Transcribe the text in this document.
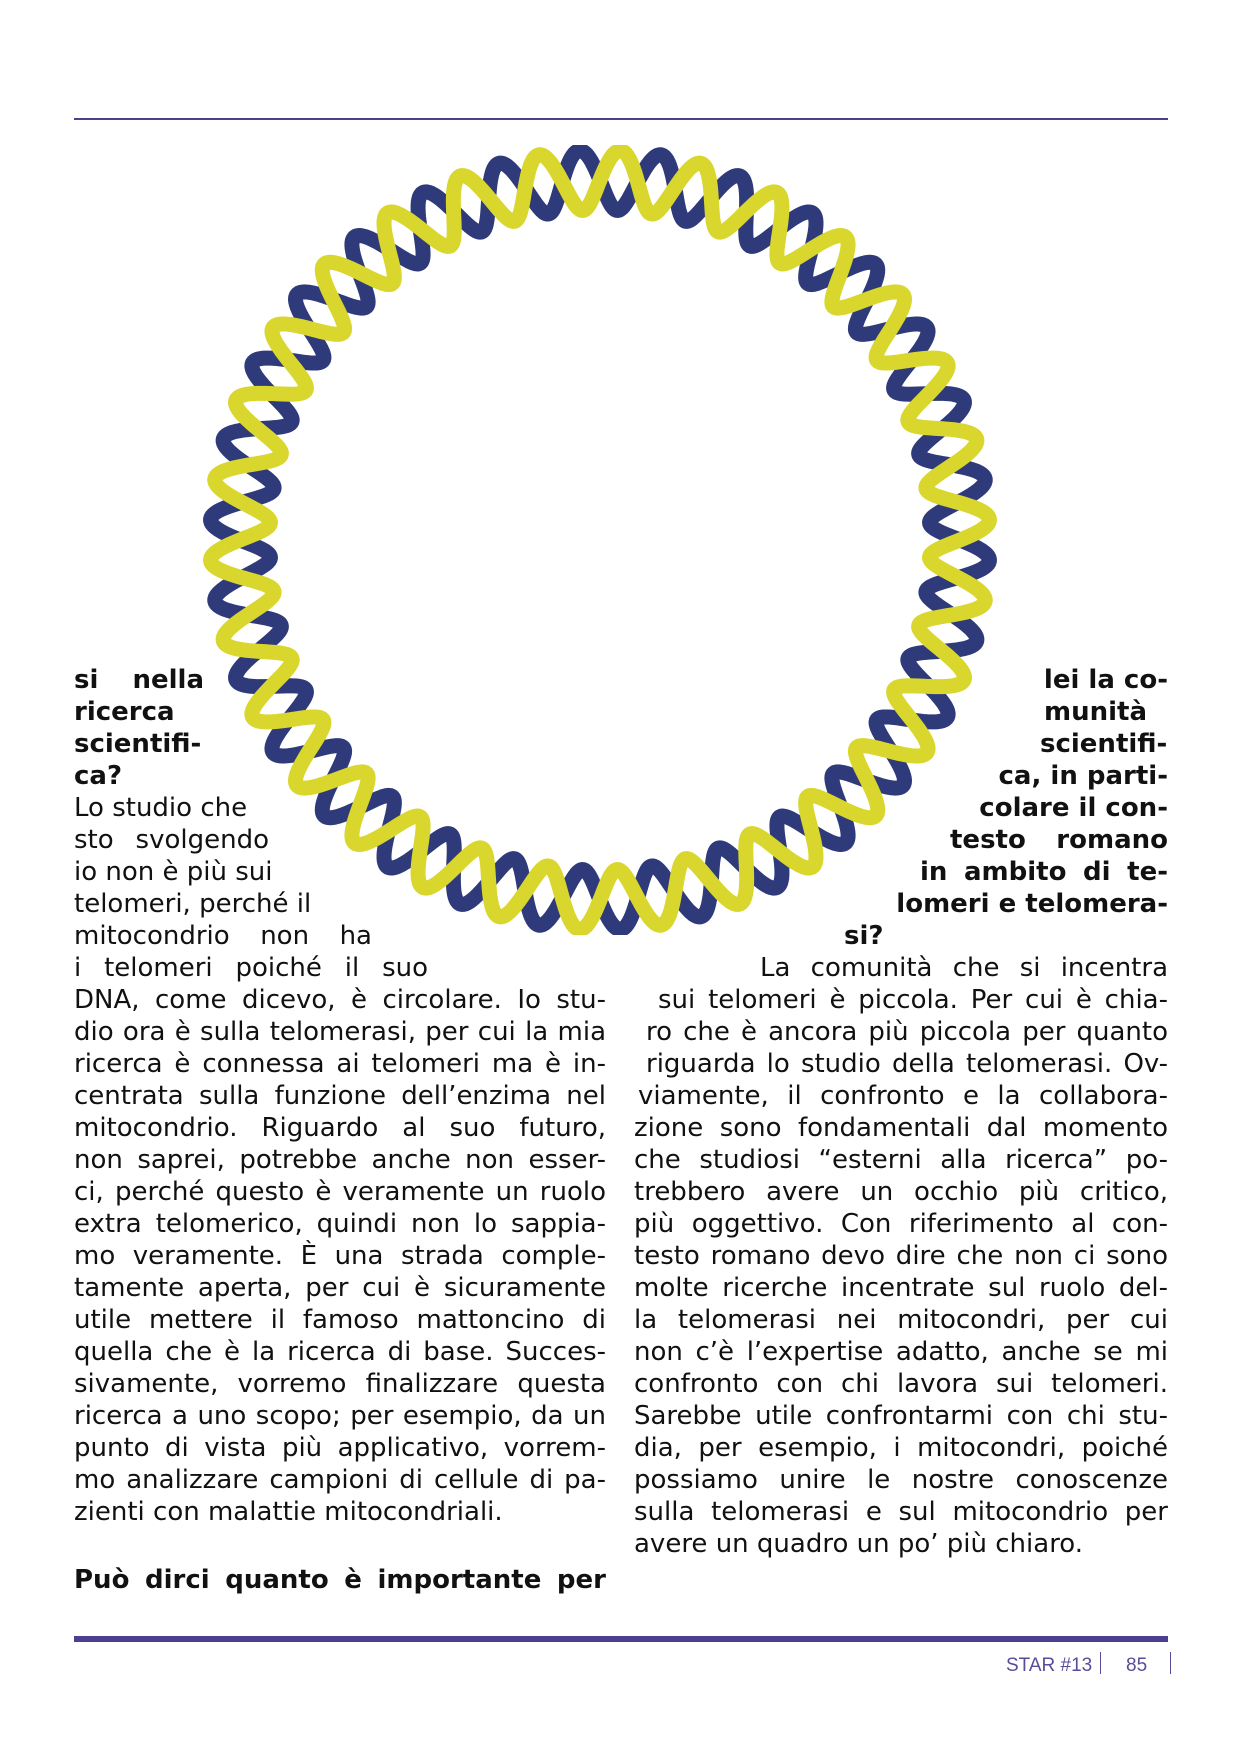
si nella
ricerca
scientifi-
ca?
Lo studio che
sto svolgendo
io non è più sui
telomeri, perché il
mitocondrio non ha
i telomeri poiché il suo
DNA, come dicevo, è circolare. Io stu-
dio ora è sulla telomerasi, per cui la mia
ricerca è connessa ai telomeri ma è in-
centrata sulla funzione dell’enzima nel
mitocondrio. Riguardo al suo futuro,
non saprei, potrebbe anche non esser-
ci, perché questo è veramente un ruolo
extra telomerico, quindi non lo sappia-
mo veramente. È una strada comple-
tamente aperta, per cui è sicuramente
utile mettere il famoso mattoncino di
quella che è la ricerca di base. Succes-
sivamente, vorremo finalizzare questa
ricerca a uno scopo; per esempio, da un
punto di vista più applicativo, vorrem-
mo analizzare campioni di cellule di pa-
zienti con malattie mitocondriali.
Può dirci quanto è importante per
lei la co-
munità
scientifi-
ca, in parti-
colare il con-
testo romano
in ambito di te-
lomeri e telomera-
si?
La comunità che si incentra
sui telomeri è piccola. Per cui è chia-
ro che è ancora più piccola per quanto
riguarda lo studio della telomerasi. Ov-
viamente, il confronto e la collabora-
zione sono fondamentali dal momento
che studiosi “esterni alla ricerca” po-
trebbero avere un occhio più critico,
più oggettivo. Con riferimento al con-
testo romano devo dire che non ci sono
molte ricerche incentrate sul ruolo del-
la telomerasi nei mitocondri, per cui
non c’è l’expertise adatto, anche se mi
confronto con chi lavora sui telomeri.
Sarebbe utile confrontarmi con chi stu-
dia, per esempio, i mitocondri, poiché
possiamo unire le nostre conoscenze
sulla telomerasi e sul mitocondrio per
avere un quadro un po’ più chiaro.
STAR #13 85
